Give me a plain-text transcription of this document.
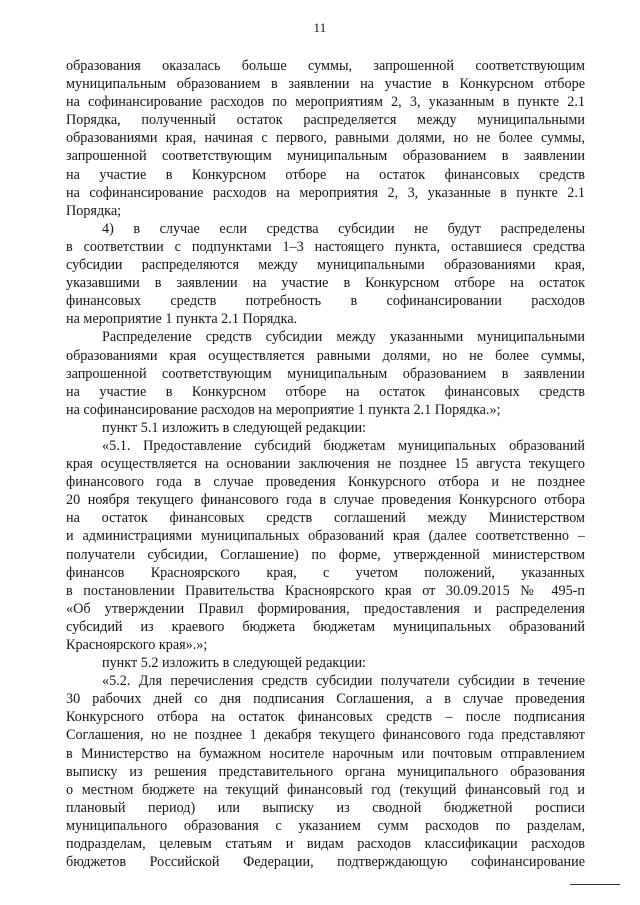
11
образования оказалась больше суммы, запрошенной соответствующим
муниципальным образованием в заявлении на участие в Конкурсном отборе
на софинансирование расходов по мероприятиям 2, 3, указанным в пункте 2.1
Порядка, полученный остаток распределяется между муниципальными
образованиями края, начиная с первого, равными долями, но не более суммы,
запрошенной соответствующим муниципальным образованием в заявлении
на участие в Конкурсном отборе на остаток финансовых средств
на софинансирование расходов на мероприятия 2, 3, указанные в пункте 2.1
Порядка;
4) в случае если средства субсидии не будут распределены
в соответствии с подпунктами 1–3 настоящего пункта, оставшиеся средства
субсидии распределяются между муниципальными образованиями края,
указавшими в заявлении на участие в Конкурсном отборе на остаток
финансовых средств потребность в софинансировании расходов
на мероприятие 1 пункта 2.1 Порядка.
Распределение средств субсидии между указанными муниципальными
образованиями края осуществляется равными долями, но не более суммы,
запрошенной соответствующим муниципальным образованием в заявлении
на участие в Конкурсном отборе на остаток финансовых средств
на софинансирование расходов на мероприятие 1 пункта 2.1 Порядка.»;
пункт 5.1 изложить в следующей редакции:
«5.1. Предоставление субсидий бюджетам муниципальных образований
края осуществляется на основании заключения не позднее 15 августа текущего
финансового года в случае проведения Конкурсного отбора и не позднее
20 ноября текущего финансового года в случае проведения Конкурсного отбора
на остаток финансовых средств соглашений между Министерством
и администрациями муниципальных образований края (далее соответственно –
получатели субсидии, Соглашение) по форме, утвержденной министерством
финансов Красноярского края, с учетом положений, указанных
в постановлении Правительства Красноярского края от 30.09.2015 № 495-п
«Об утверждении Правил формирования, предоставления и распределения
субсидий из краевого бюджета бюджетам муниципальных образований
Красноярского края».»;
пункт 5.2 изложить в следующей редакции:
«5.2. Для перечисления средств субсидии получатели субсидии в течение
30 рабочих дней со дня подписания Соглашения, а в случае проведения
Конкурсного отбора на остаток финансовых средств – после подписания
Соглашения, но не позднее 1 декабря текущего финансового года представляют
в Министерство на бумажном носителе нарочным или почтовым отправлением
выписку из решения представительного органа муниципального образования
о местном бюджете на текущий финансовый год (текущий финансовый год и
плановый период) или выписку из сводной бюджетной росписи
муниципального образования с указанием сумм расходов по разделам,
подразделам, целевым статьям и видам расходов классификации расходов
бюджетов Российской Федерации, подтверждающую софинансирование
